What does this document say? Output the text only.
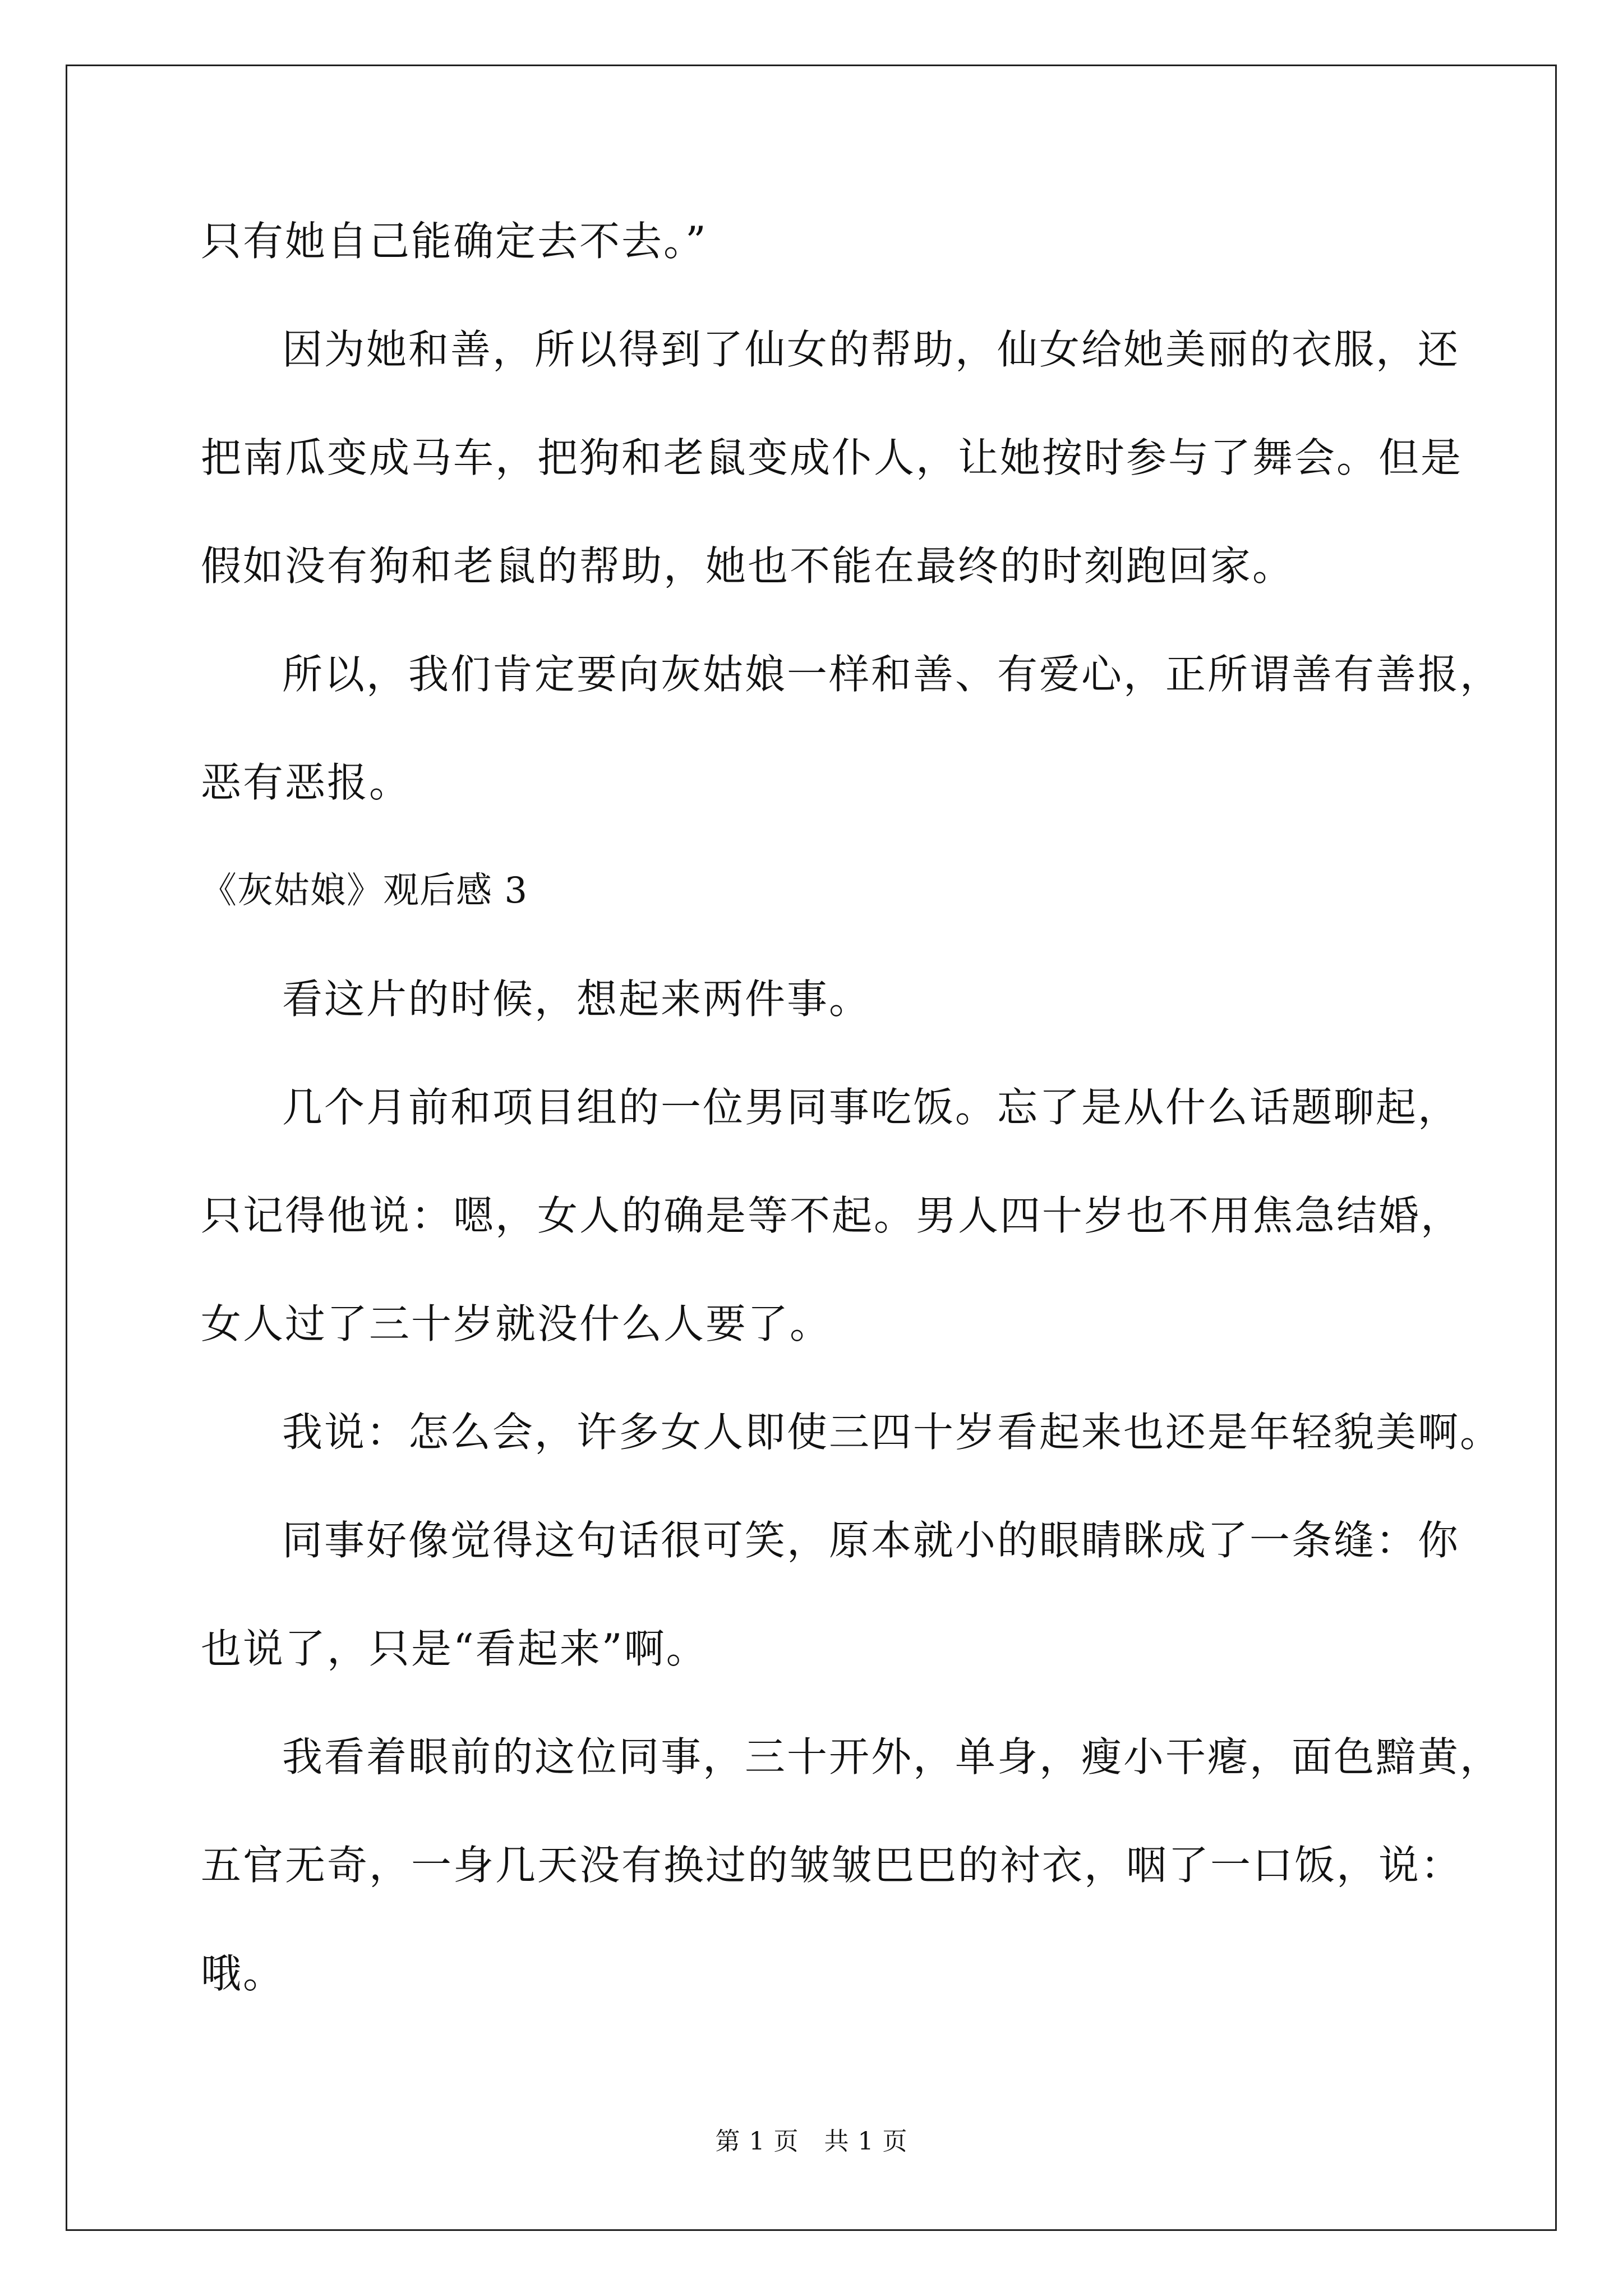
只有她自己能确定去不去。”
因为她和善，所以得到了仙女的帮助，仙女给她美丽的衣服，还
把南瓜变成马车，把狗和老鼠变成仆人，让她按时参与了舞会。但是
假如没有狗和老鼠的帮助，她也不能在最终的时刻跑回家。
所以，我们肯定要向灰姑娘一样和善、有爱心，正所谓善有善报，
恶有恶报。
《灰姑娘》观后感 3
看这片的时候，想起来两件事。
几个月前和项目组的一位男同事吃饭。忘了是从什么话题聊起，
只记得他说：嗯，女人的确是等不起。男人四十岁也不用焦急结婚，
女人过了三十岁就没什么人要了。
我说：怎么会，许多女人即使三四十岁看起来也还是年轻貌美啊。
同事好像觉得这句话很可笑，原本就小的眼睛眯成了一条缝：你
也说了，只是“看起来”啊。
我看着眼前的这位同事，三十开外，单身，瘦小干瘪，面色黯黄，
五官无奇，一身几天没有换过的皱皱巴巴的衬衣，咽了一口饭，说：
哦。
第 1 页　共 1 页
